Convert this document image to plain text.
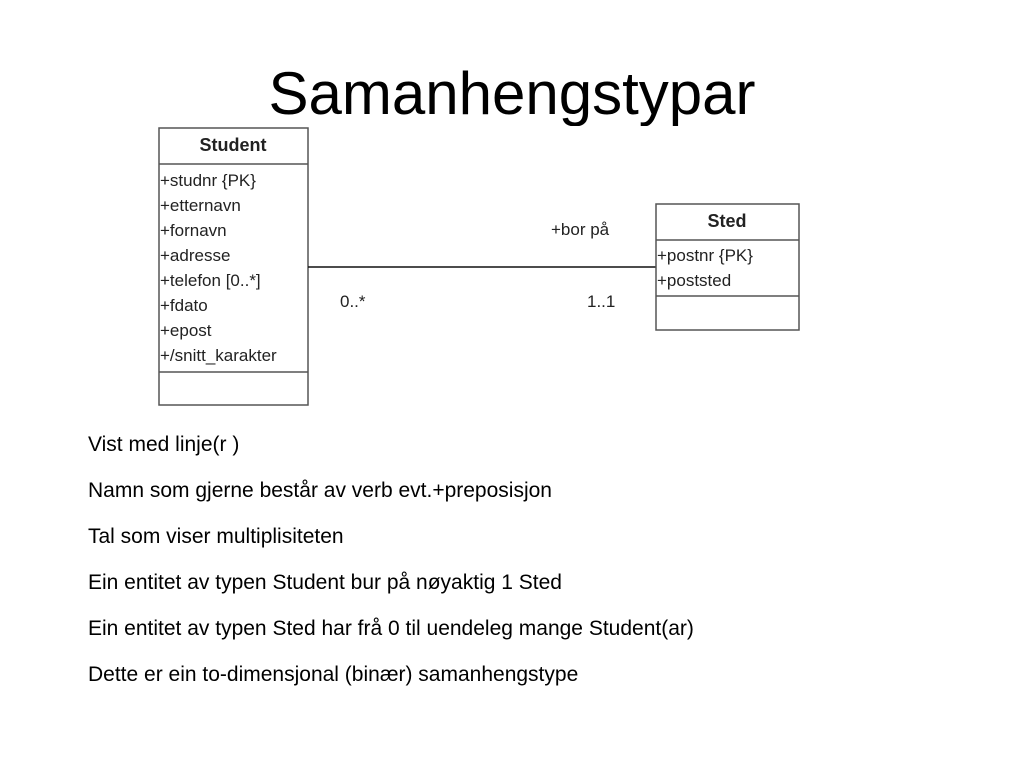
Samanhengstypar
Student
+studnr {PK}
+etternavn
+fornavn
+adresse
+telefon [0..*]
+fdato
+epost
+/snitt_karakter
+bor på
0..*	1..1
Sted
+postnr {PK}
+poststed
Vist med linje(r )
Namn som gjerne består av verb evt.+preposisjon
Tal som viser multiplisiteten
Ein entitet av typen Student bur på nøyaktig 1 Sted
Ein entitet av typen Sted har frå 0 til uendeleg mange Student(ar)
Dette er ein to-dimensjonal (binær) samanhengstype
